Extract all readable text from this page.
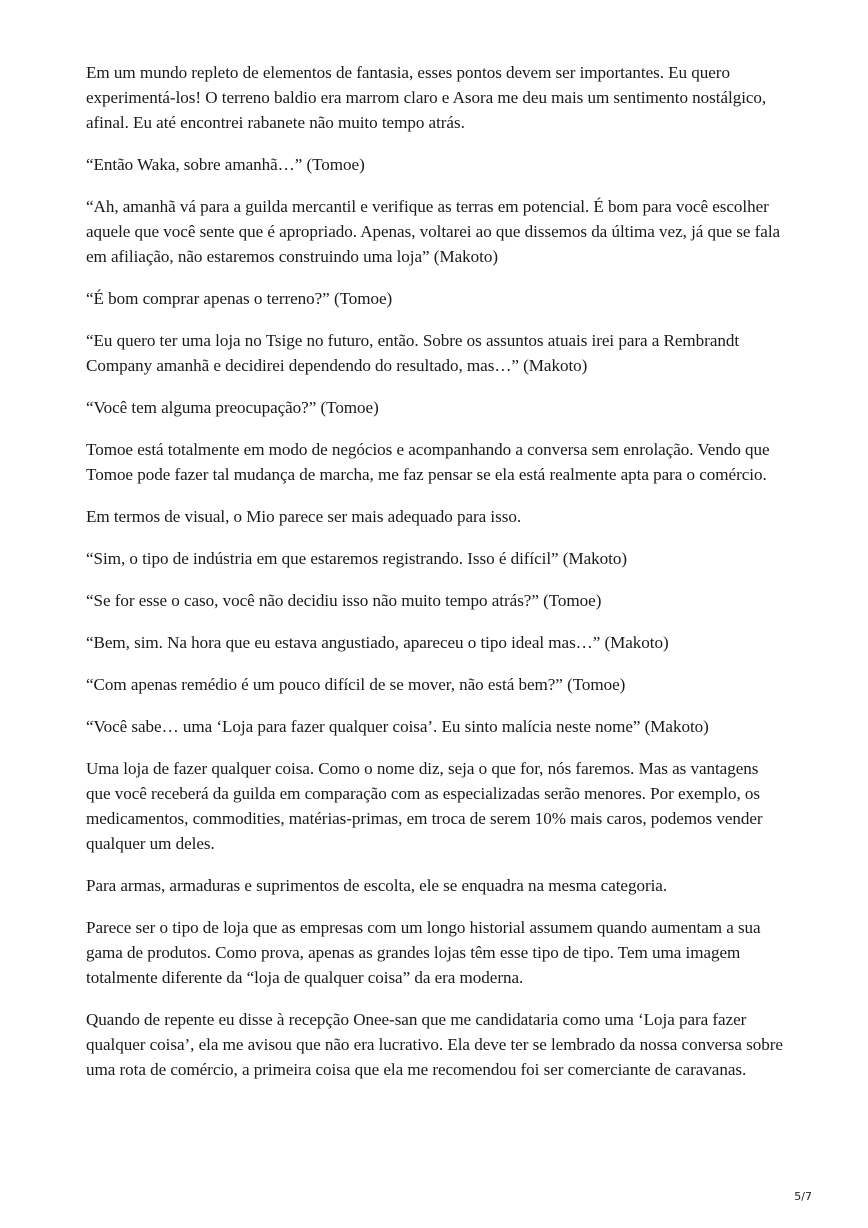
Em um mundo repleto de elementos de fantasia, esses pontos devem ser importantes. Eu quero experimentá-los! O terreno baldio era marrom claro e Asora me deu mais um sentimento nostálgico, afinal. Eu até encontrei rabanete não muito tempo atrás.

“Então Waka, sobre amanhã…” (Tomoe)

“Ah, amanhã vá para a guilda mercantil e verifique as terras em potencial. É bom para você escolher aquele que você sente que é apropriado. Apenas, voltarei ao que dissemos da última vez, já que se fala em afiliação, não estaremos construindo uma loja” (Makoto)

“É bom comprar apenas o terreno?” (Tomoe)

“Eu quero ter uma loja no Tsige no futuro, então. Sobre os assuntos atuais irei para a Rembrandt Company amanhã e decidirei dependendo do resultado, mas…” (Makoto)

“Você tem alguma preocupação?” (Tomoe)

Tomoe está totalmente em modo de negócios e acompanhando a conversa sem enrolação. Vendo que Tomoe pode fazer tal mudança de marcha, me faz pensar se ela está realmente apta para o comércio.

Em termos de visual, o Mio parece ser mais adequado para isso.

“Sim, o tipo de indústria em que estaremos registrando. Isso é difícil” (Makoto)

“Se for esse o caso, você não decidiu isso não muito tempo atrás?” (Tomoe)

“Bem, sim. Na hora que eu estava angustiado, apareceu o tipo ideal mas…” (Makoto)

“Com apenas remédio é um pouco difícil de se mover, não está bem?” (Tomoe)

“Você sabe… uma ‘Loja para fazer qualquer coisa’. Eu sinto malícia neste nome” (Makoto)

Uma loja de fazer qualquer coisa. Como o nome diz, seja o que for, nós faremos. Mas as vantagens que você receberá da guilda em comparação com as especializadas serão menores. Por exemplo, os medicamentos, commodities, matérias-primas, em troca de serem 10% mais caros, podemos vender qualquer um deles.

Para armas, armaduras e suprimentos de escolta, ele se enquadra na mesma categoria.

Parece ser o tipo de loja que as empresas com um longo historial assumem quando aumentam a sua gama de produtos. Como prova, apenas as grandes lojas têm esse tipo de tipo. Tem uma imagem totalmente diferente da “loja de qualquer coisa” da era moderna.

Quando de repente eu disse à recepção Onee-san que me candidataria como uma ‘Loja para fazer qualquer coisa’, ela me avisou que não era lucrativo. Ela deve ter se lembrado da nossa conversa sobre uma rota de comércio, a primeira coisa que ela me recomendou foi ser comerciante de caravanas.

5/7
